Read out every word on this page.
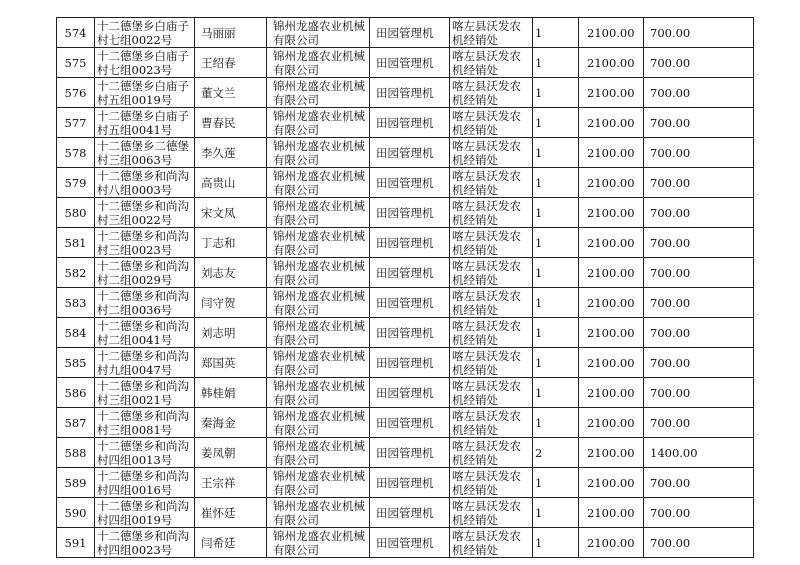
574	十二德堡乡白庙子村七组0022号	马丽丽	锦州龙盛农业机械有限公司	田园管理机	喀左县沃发农机经销处	1	2100.00	700.00
575	十二德堡乡白庙子村七组0023号	王绍春	锦州龙盛农业机械有限公司	田园管理机	喀左县沃发农机经销处	1	2100.00	700.00
576	十二德堡乡白庙子村五组0019号	董文兰	锦州龙盛农业机械有限公司	田园管理机	喀左县沃发农机经销处	1	2100.00	700.00
577	十二德堡乡白庙子村五组0041号	曹春民	锦州龙盛农业机械有限公司	田园管理机	喀左县沃发农机经销处	1	2100.00	700.00
578	十二德堡乡二德堡村三组0063号	李久莲	锦州龙盛农业机械有限公司	田园管理机	喀左县沃发农机经销处	1	2100.00	700.00
579	十二德堡乡和尚沟村八组0003号	高贵山	锦州龙盛农业机械有限公司	田园管理机	喀左县沃发农机经销处	1	2100.00	700.00
580	十二德堡乡和尚沟村三组0022号	宋文凤	锦州龙盛农业机械有限公司	田园管理机	喀左县沃发农机经销处	1	2100.00	700.00
581	十二德堡乡和尚沟村三组0023号	丁志和	锦州龙盛农业机械有限公司	田园管理机	喀左县沃发农机经销处	1	2100.00	700.00
582	十二德堡乡和尚沟村二组0029号	刘志友	锦州龙盛农业机械有限公司	田园管理机	喀左县沃发农机经销处	1	2100.00	700.00
583	十二德堡乡和尚沟村二组0036号	闫守贺	锦州龙盛农业机械有限公司	田园管理机	喀左县沃发农机经销处	1	2100.00	700.00
584	十二德堡乡和尚沟村二组0041号	刘志明	锦州龙盛农业机械有限公司	田园管理机	喀左县沃发农机经销处	1	2100.00	700.00
585	十二德堡乡和尚沟村九组0047号	郑国英	锦州龙盛农业机械有限公司	田园管理机	喀左县沃发农机经销处	1	2100.00	700.00
586	十二德堡乡和尚沟村三组0021号	韩桂娟	锦州龙盛农业机械有限公司	田园管理机	喀左县沃发农机经销处	1	2100.00	700.00
587	十二德堡乡和尚沟村三组0081号	秦海金	锦州龙盛农业机械有限公司	田园管理机	喀左县沃发农机经销处	1	2100.00	700.00
588	十二德堡乡和尚沟村四组0013号	姜凤朝	锦州龙盛农业机械有限公司	田园管理机	喀左县沃发农机经销处	2	2100.00	1400.00
589	十二德堡乡和尚沟村四组0016号	王宗祥	锦州龙盛农业机械有限公司	田园管理机	喀左县沃发农机经销处	1	2100.00	700.00
590	十二德堡乡和尚沟村四组0019号	崔怀廷	锦州龙盛农业机械有限公司	田园管理机	喀左县沃发农机经销处	1	2100.00	700.00
591	十二德堡乡和尚沟村四组0023号	闫希廷	锦州龙盛农业机械有限公司	田园管理机	喀左县沃发农机经销处	1	2100.00	700.00
